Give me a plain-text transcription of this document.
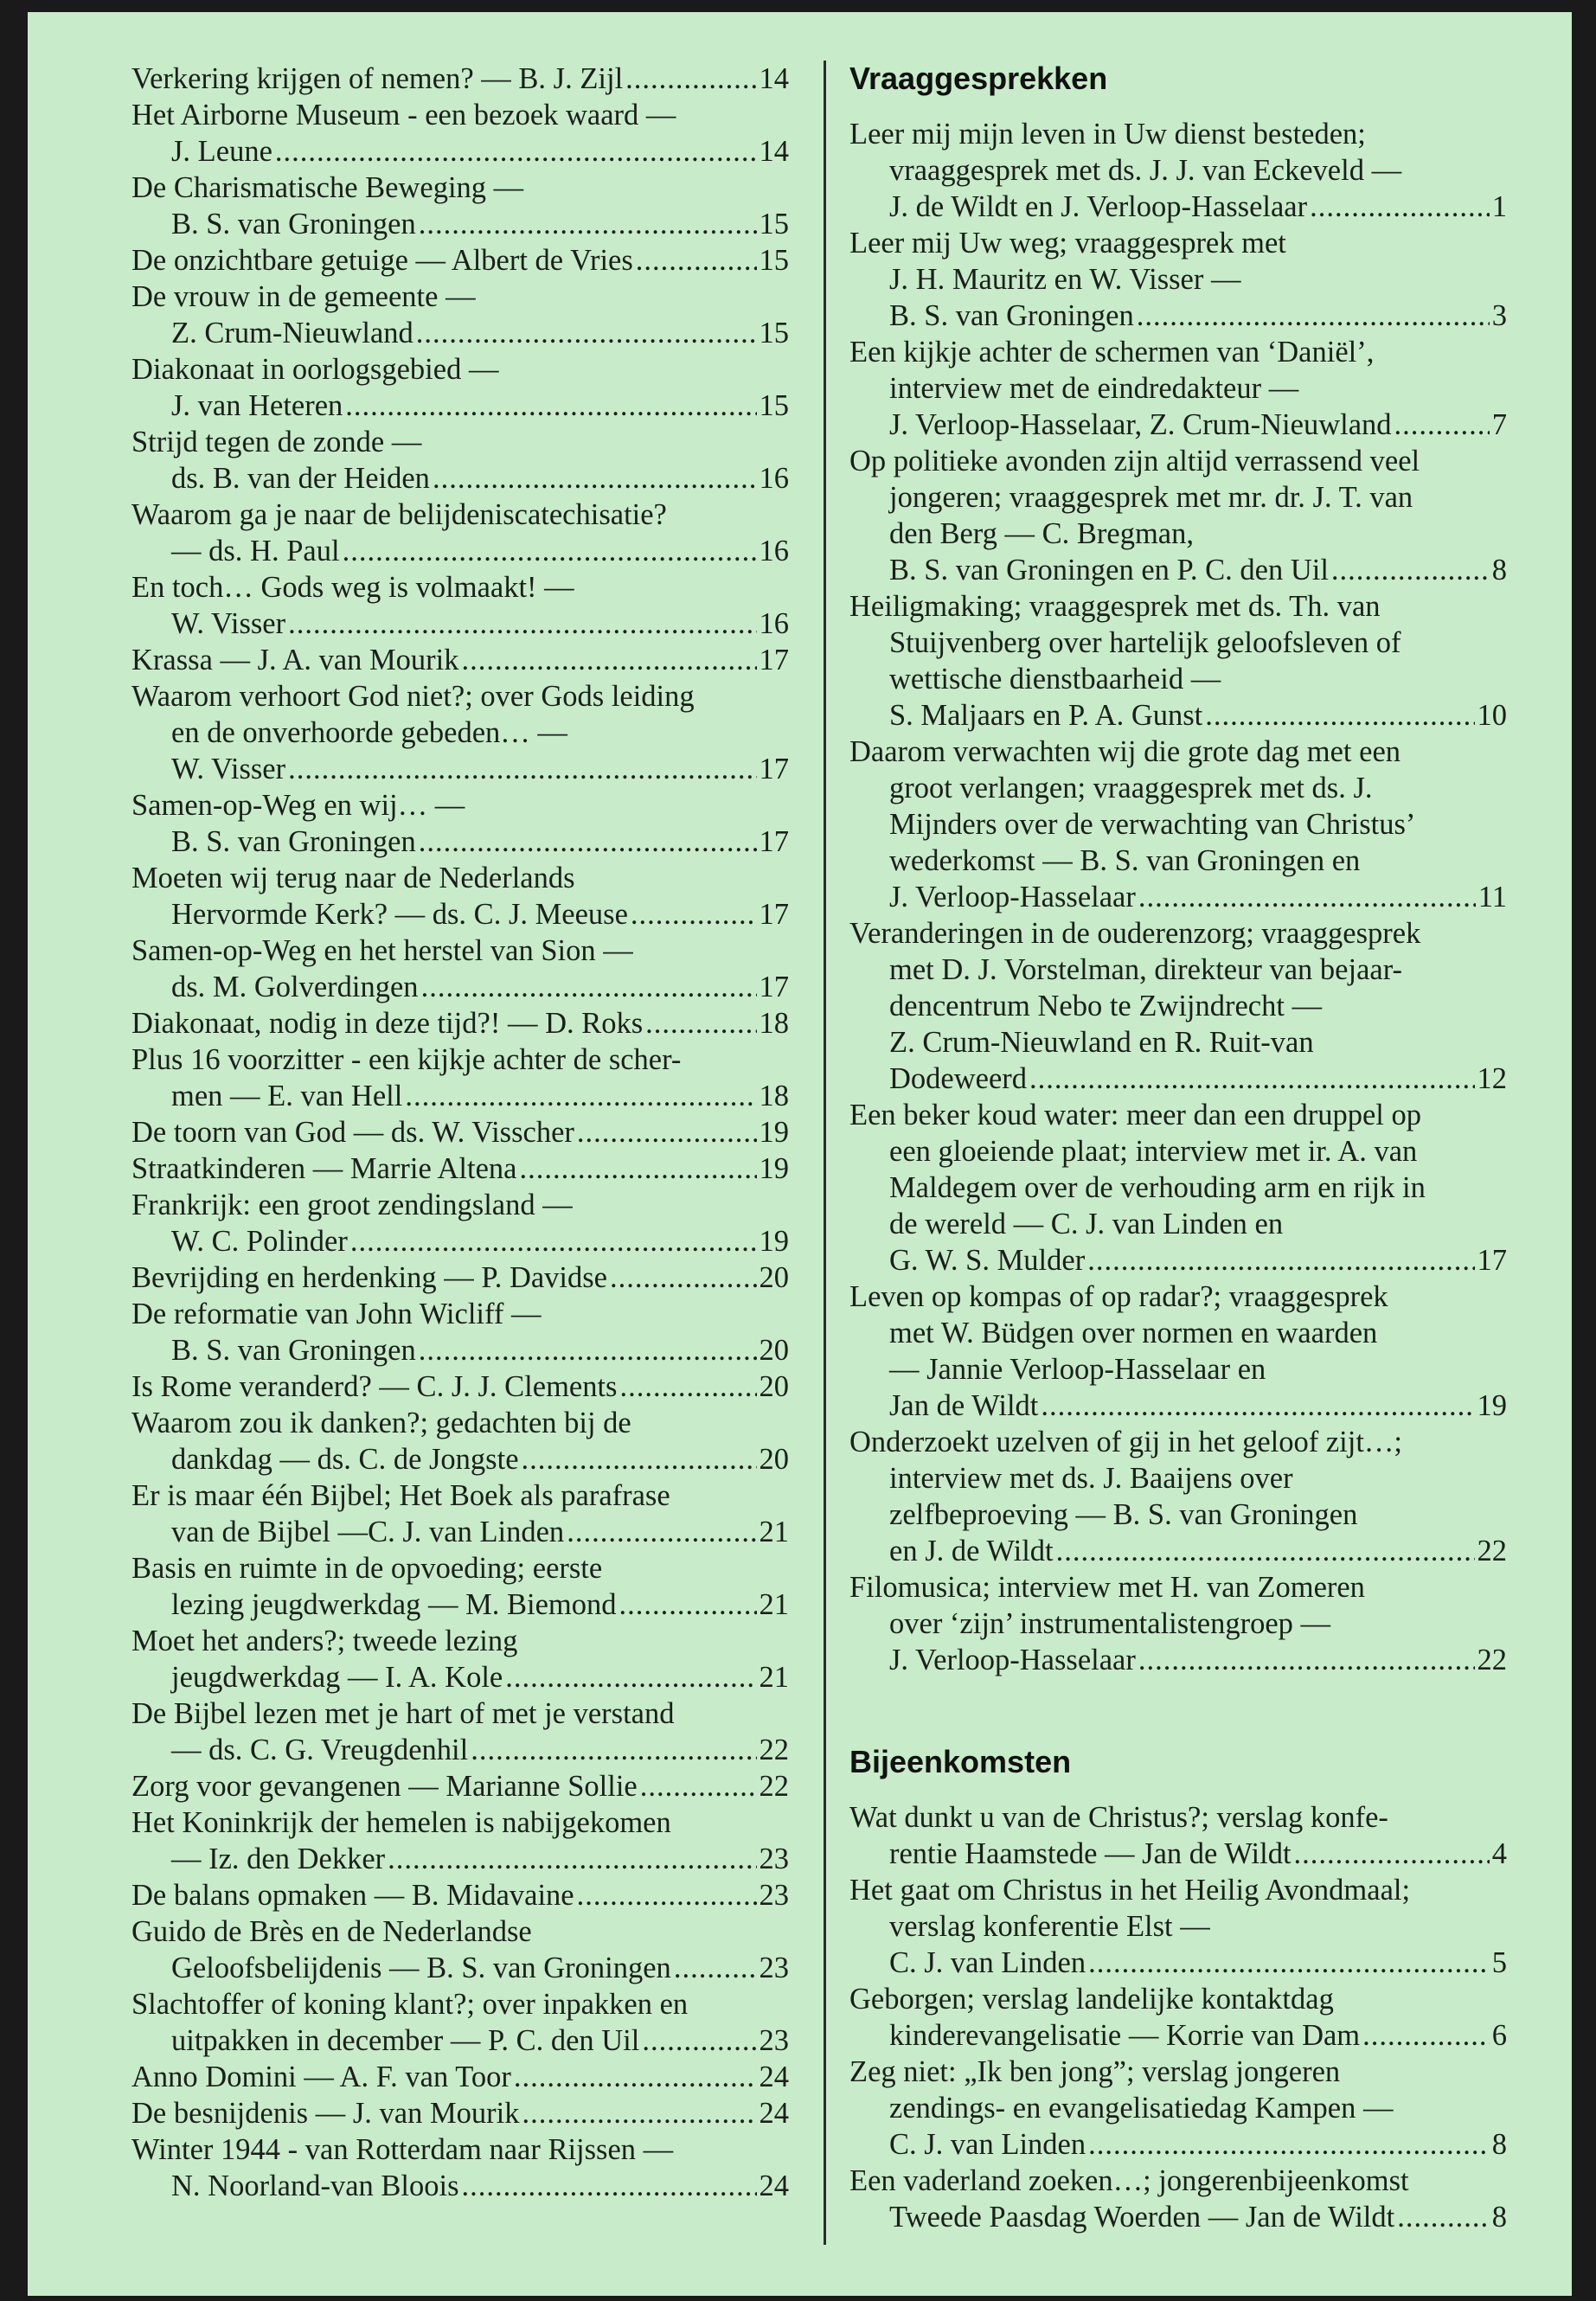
Verkering krijgen of nemen? — B. J. Zijl .....	14
Het Airborne Museum - een bezoek waard —
J. Leune .....	14
De Charismatische Beweging —
B. S. van Groningen .....	15
De onzichtbare getuige — Albert de Vries .....	15
De vrouw in de gemeente —
Z. Crum-Nieuwland .....	15
Diakonaat in oorlogsgebied —
J. van Heteren .....	15
Strijd tegen de zonde —
ds. B. van der Heiden .....	16
Waarom ga je naar de belijdeniscatechisatie?
— ds. H. Paul .....	16
En toch… Gods weg is volmaakt! —
W. Visser .....	16
Krassa — J. A. van Mourik .....	17
Waarom verhoort God niet?; over Gods leiding
en de onverhoorde gebeden… —
W. Visser .....	17
Samen-op-Weg en wij… —
B. S. van Groningen .....	17
Moeten wij terug naar de Nederlands
Hervormde Kerk? — ds. C. J. Meeuse .....	17
Samen-op-Weg en het herstel van Sion —
ds. M. Golverdingen .....	17
Diakonaat, nodig in deze tijd?! — D. Roks .....	18
Plus 16 voorzitter - een kijkje achter de scher-
men — E. van Hell .....	18
De toorn van God — ds. W. Visscher .....	19
Straatkinderen — Marrie Altena .....	19
Frankrijk: een groot zendingsland —
W. C. Polinder .....	19
Bevrijding en herdenking — P. Davidse .....	20
De reformatie van John Wicliff —
B. S. van Groningen .....	20
Is Rome veranderd? — C. J. J. Clements .....	20
Waarom zou ik danken?; gedachten bij de
dankdag — ds. C. de Jongste .....	20
Er is maar één Bijbel; Het Boek als parafrase
van de Bijbel —C. J. van Linden .....	21
Basis en ruimte in de opvoeding; eerste
lezing jeugdwerkdag — M. Biemond .....	21
Moet het anders?; tweede lezing
jeugdwerkdag — I. A. Kole .....	21
De Bijbel lezen met je hart of met je verstand
— ds. C. G. Vreugdenhil .....	22
Zorg voor gevangenen — Marianne Sollie .....	22
Het Koninkrijk der hemelen is nabijgekomen
— Iz. den Dekker .....	23
De balans opmaken — B. Midavaine .....	23
Guido de Brès en de Nederlandse
Geloofsbelijdenis — B. S. van Groningen .....	23
Slachtoffer of koning klant?; over inpakken en
uitpakken in december — P. C. den Uil .....	23
Anno Domini — A. F. van Toor .....	24
De besnijdenis — J. van Mourik .....	24
Winter 1944 - van Rotterdam naar Rijssen —
N. Noorland-van Bloois .....	24
Vraaggesprekken
Leer mij mijn leven in Uw dienst besteden;
vraaggesprek met ds. J. J. van Eckeveld —
J. de Wildt en J. Verloop-Hasselaar .....	1
Leer mij Uw weg; vraaggesprek met
J. H. Mauritz en W. Visser —
B. S. van Groningen .....	3
Een kijkje achter de schermen van ‘Daniël’,
interview met de eindredakteur —
J. Verloop-Hasselaar, Z. Crum-Nieuwland .....	7
Op politieke avonden zijn altijd verrassend veel
jongeren; vraaggesprek met mr. dr. J. T. van
den Berg — C. Bregman,
B. S. van Groningen en P. C. den Uil .....	8
Heiligmaking; vraaggesprek met ds. Th. van
Stuijvenberg over hartelijk geloofsleven of
wettische dienstbaarheid —
S. Maljaars en P. A. Gunst .....	10
Daarom verwachten wij die grote dag met een
groot verlangen; vraaggesprek met ds. J.
Mijnders over de verwachting van Christus’
wederkomst — B. S. van Groningen en
J. Verloop-Hasselaar .....	11
Veranderingen in de ouderenzorg; vraaggesprek
met D. J. Vorstelman, direkteur van bejaar-
dencentrum Nebo te Zwijndrecht —
Z. Crum-Nieuwland en R. Ruit-van
Dodeweerd .....	12
Een beker koud water: meer dan een druppel op
een gloeiende plaat; interview met ir. A. van
Maldegem over de verhouding arm en rijk in
de wereld — C. J. van Linden en
G. W. S. Mulder .....	17
Leven op kompas of op radar?; vraaggesprek
met W. Büdgen over normen en waarden
— Jannie Verloop-Hasselaar en
Jan de Wildt .....	19
Onderzoekt uzelven of gij in het geloof zijt…;
interview met ds. J. Baaijens over
zelfbeproeving — B. S. van Groningen
en J. de Wildt .....	22
Filomusica; interview met H. van Zomeren
over ‘zijn’ instrumentalistengroep —
J. Verloop-Hasselaar .....	22
Bijeenkomsten
Wat dunkt u van de Christus?; verslag konfe-
rentie Haamstede — Jan de Wildt .....	4
Het gaat om Christus in het Heilig Avondmaal;
verslag konferentie Elst —
C. J. van Linden .....	5
Geborgen; verslag landelijke kontaktdag
kinderevangelisatie — Korrie van Dam .....	6
Zeg niet: „Ik ben jong”; verslag jongeren
zendings- en evangelisatiedag Kampen —
C. J. van Linden .....	8
Een vaderland zoeken…; jongerenbijeenkomst
Tweede Paasdag Woerden — Jan de Wildt .....	8
